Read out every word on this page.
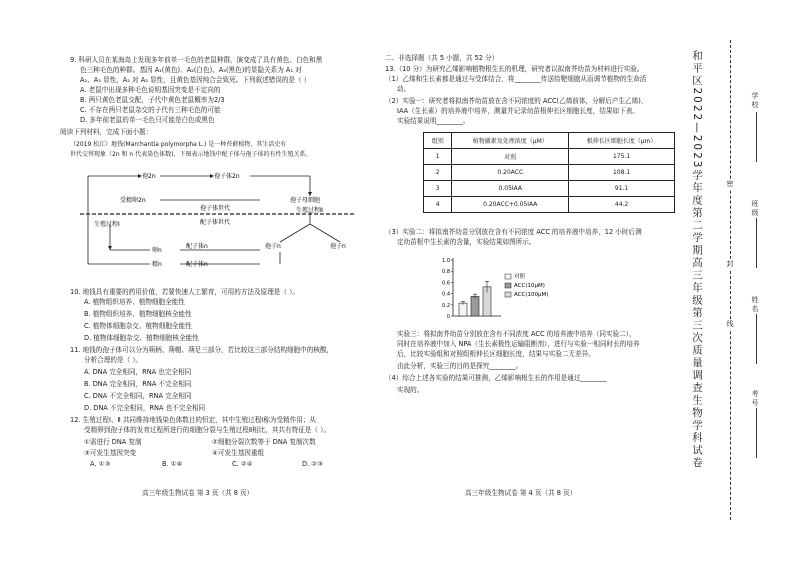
9. 科研人员在某海岛上发现多年前单一毛色的老鼠种群，演变成了具有黄色、白色和黑
色三种毛色的种群。基因 A₁(黄色)、A₂(白色)、A₃(黑色)的显隐关系为 A₁ 对
A₂、A₃ 显性，A₂ 对 A₃ 显性，且黄色基因纯合会致死。下列叙述错误的是（ ）
A. 老鼠中出现多种毛色说明基因突变是不定向的
B. 两只黄色老鼠交配，子代中黄色老鼠概率为2/3
C. 不存在两只老鼠杂交的子代有三种毛色的可能
D. 多年前老鼠的单一毛色只可能是白色或黑色
阅读下列材料，完成下面小题：
（2019 松江）地钱(Marchantia polymorpha L.) 是一种苔藓植物，其生活史有
世代交替现象（2n 和 n 代表染色体数)，下图表示地钱中配子体与孢子体的有性生殖关系。
孢2n	孢子体2n
受精卵2n	孢子母细胞
孢子体世代
配子体世代
生殖过程Ⅰ
生殖过程Ⅱ
孢子n	孢子n
卵n
配子体n
精n	配子体n
10. 地钱具有重要的药用价值，若要快速人工繁育，可用的方法及原理是（ ）。
A. 植物组织培养、植物细胞全能性
B. 植物组织培养、植物细胞核全能性
C. 植物体细胞杂交、植物细胞全能性
D. 植物体细胞杂交、植物细胞核全能性
11. 地钱的孢子体可以分为蒴柄、蒴帽、蒴足三部分，若比较这三部分结构细胞中的核酸，
分析合理的是（ ）。
A. DNA 完全相同，RNA 也完全相同
B. DNA 完全相同，RNA 不完全相同
C. DNA 不完全相同，RNA 完全相同
D. DNA 不完全相同，RNA 也不完全相同
12. 生殖过程Ⅰ、Ⅱ 共同维持地钱染色体数目的恒定，其中生殖过程Ⅰ称为受精作用；从
受精卵到孢子体的发育过程所进行的细胞分裂与生殖过程Ⅱ相比，其共有特征是（ ）。
①需进行 DNA 复制	②细胞分裂次数等于 DNA 复制次数
③可发生基因突变	④可发生基因重组
A. ①③	B. ①④	C. ②④	D. ②③
高三年级生物试卷 第 3 页（共 8 页）
二、非选择题（共 5 小题，共 52 分）
13.（10 分）为研究乙烯影响植物根生长的机理，研究者以拟南芥幼苗为材料进行实验。
（1）乙烯和生长素都是通过与受体结合，将________传送给靶细胞从而调节植物的生命活
动。
（2）实验一：研究者将拟南芥幼苗放在含不同浓度的 ACC(乙烯前体，分解后产生乙烯)、
IAA（生长素）的培养液中培养，测量并记录幼苗根伸长区细胞长度，结果如下表。
实验结果说明________。
组别	植物激素及处理浓度（μM）	根伸长区细胞长度（μm）
1	对照	175.1
2	0.20ACC	108.1
3	0.05IAA	91.1
4	0.20ACC+0.05IAA	44.2
（3）实验二：将拟南芥幼苗分别放在含有不同浓度 ACC 的培养液中培养，12 小时后测
定幼苗根中生长素的含量，实验结果如图所示。
0
0.2
0.4
0.6
0.8
1.0
对照
ACC(10μM)
ACC(100μM)
实验三：将拟南芥幼苗分别放在含有不同浓度 ACC 的培养液中培养（同实验二），
同时在培养液中加入 NPA（生长素极性运输阻断剂），进行与实验一相同时长的培养
后，比较实验组和对照组根伸长区细胞长度，结果与实验二无差异。
由此分析，实验三的目的是探究________。
（4）综合上述各实验的结果可推测，乙烯影响根生长的作用是通过________
实现的。
高三年级生物试卷 第 4 页（共 8 页）
和平区2022—2023学年度第二学期高三年级第三次质量调查生物学科试卷	密
封
线
学校
班级
姓名
考号
